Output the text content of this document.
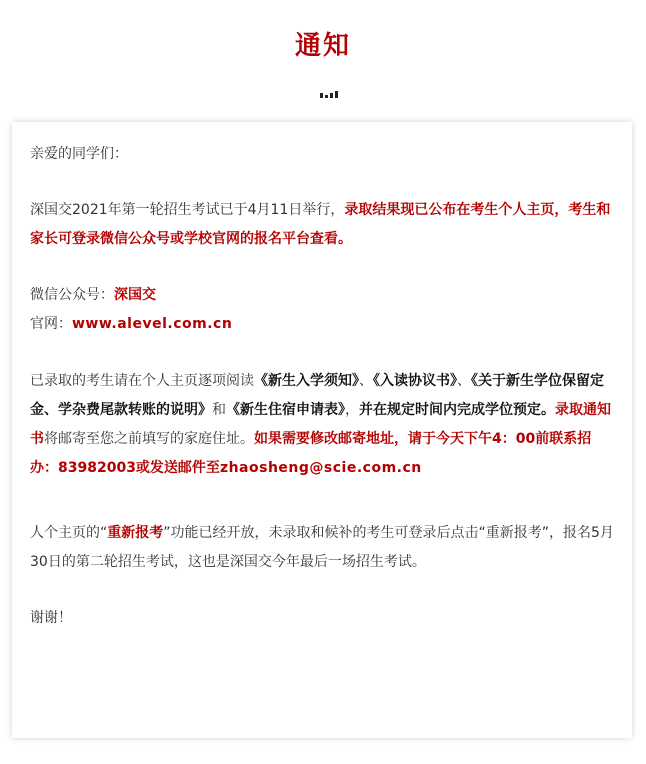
通知

亲爱的同学们：

深国交2021年第一轮招生考试已于4月11日举行，录取结果现已公布在考生个人主页，考生和家长可登录微信公众号或学校官网的报名平台查看。

微信公众号：深国交

官网：www.alevel.com.cn

已录取的考生请在个人主页逐项阅读《新生入学须知》、《入读协议书》、《关于新生学位保留定金、学杂费尾款转账的说明》和《新生住宿申请表》，并在规定时间内完成学位预定。录取通知书将邮寄至您之前填写的家庭住址。如果需要修改邮寄地址，请于今天下午4：00前联系招办：83982003或发送邮件至zhaosheng@scie.com.cn

人个主页的“重新报考”功能已经开放，未录取和候补的考生可登录后点击“重新报考”，报名5月30日的第二轮招生考试，这也是深国交今年最后一场招生考试。

谢谢！
